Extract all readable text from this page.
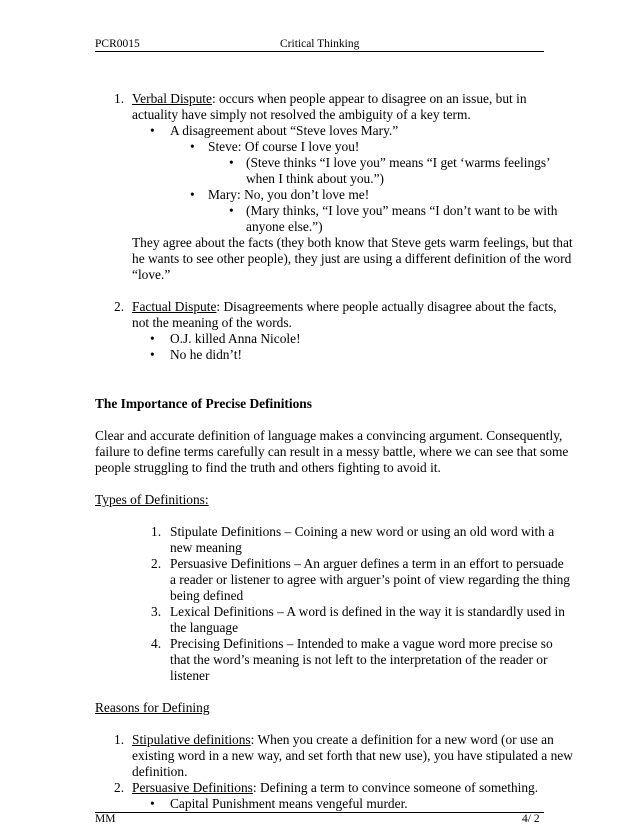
PCR0015	Critical Thinking
1. Verbal Dispute: occurs when people appear to disagree on an issue, but in
actuality have simply not resolved the ambiguity of a key term.
• A disagreement about “Steve loves Mary.”
• Steve: Of course I love you!
• (Steve thinks “I love you” means “I get ‘warms feelings’
when I think about you.”)
• Mary: No, you don’t love me!
• (Mary thinks, “I love you” means “I don’t want to be with
anyone else.”)
They agree about the facts (they both know that Steve gets warm feelings, but that
he wants to see other people), they just are using a different definition of the word
“love.”
2. Factual Dispute: Disagreements where people actually disagree about the facts,
not the meaning of the words.
• O.J. killed Anna Nicole!
• No he didn’t!
The Importance of Precise Definitions
Clear and accurate definition of language makes a convincing argument. Consequently,
failure to define terms carefully can result in a messy battle, where we can see that some
people struggling to find the truth and others fighting to avoid it.
Types of Definitions:
1. Stipulate Definitions – Coining a new word or using an old word with a
new meaning
2. Persuasive Definitions – An arguer defines a term in an effort to persuade
a reader or listener to agree with arguer’s point of view regarding the thing
being defined
3. Lexical Definitions – A word is defined in the way it is standardly used in
the language
4. Precising Definitions – Intended to make a vague word more precise so
that the word’s meaning is not left to the interpretation of the reader or
listener
Reasons for Defining
1. Stipulative definitions: When you create a definition for a new word (or use an
existing word in a new way, and set forth that new use), you have stipulated a new
definition.
2. Persuasive Definitions: Defining a term to convince someone of something.
• Capital Punishment means vengeful murder.
MM	4/ 2
